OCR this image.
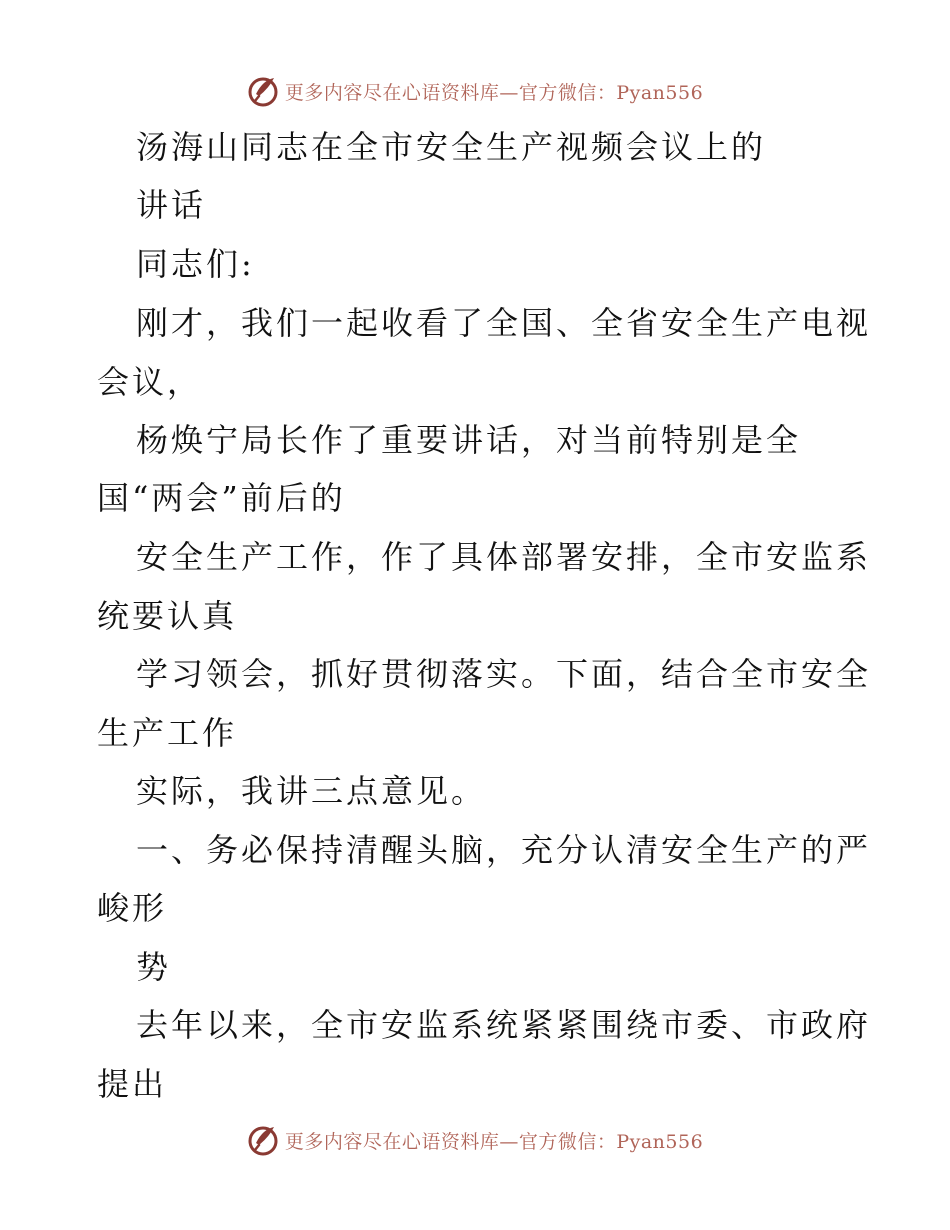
更多内容尽在心语资料库—官方微信：Pyan556
汤海山同志在全市安全生产视频会议上的
讲话
同志们:
刚才，我们一起收看了全国、全省安全生产电视
会议，
杨焕宁局长作了重要讲话，对当前特别是全
国“两会”前后的
安全生产工作，作了具体部署安排，全市安监系
统要认真
学习领会，抓好贯彻落实。下面，结合全市安全
生产工作
实际，我讲三点意见。
一、务必保持清醒头脑，充分认清安全生产的严
峻形
势
去年以来，全市安监系统紧紧围绕市委、市政府
提出
更多内容尽在心语资料库—官方微信：Pyan556
